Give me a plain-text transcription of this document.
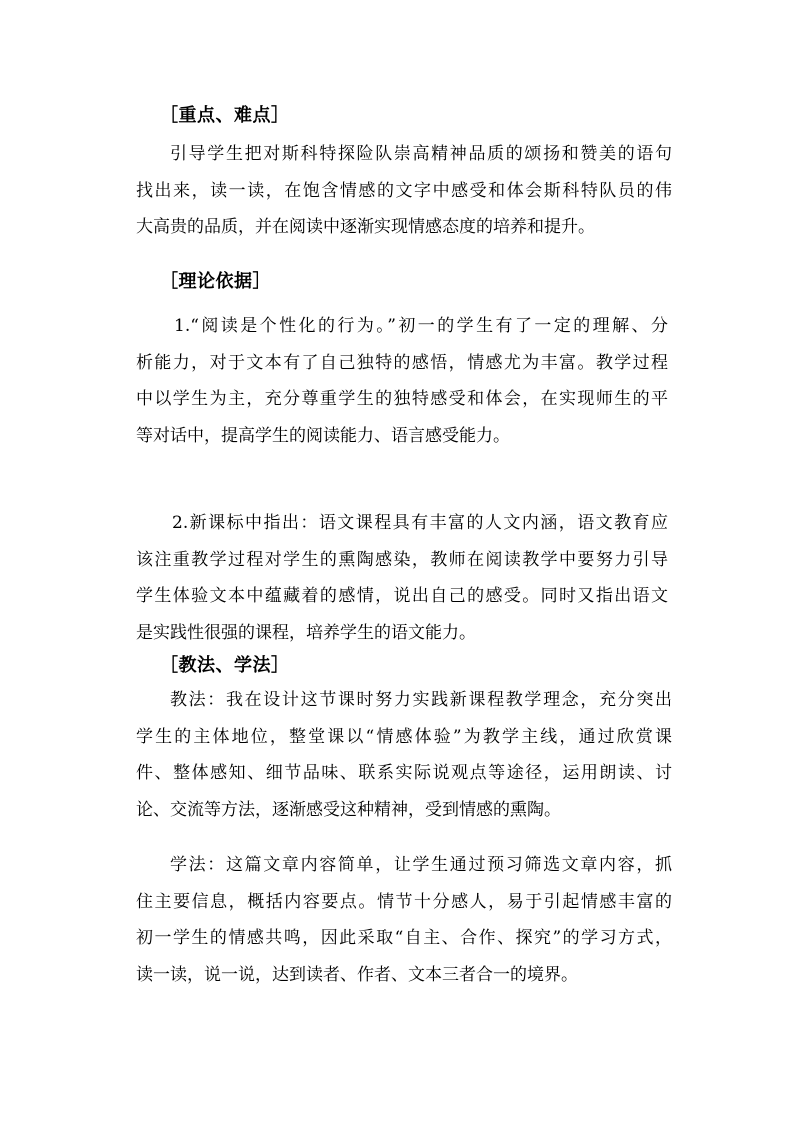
［重点、难点］
引导学生把对斯科特探险队崇高精神品质的颂扬和赞美的语句
找出来，读一读，在饱含情感的文字中感受和体会斯科特队员的伟
大高贵的品质，并在阅读中逐渐实现情感态度的培养和提升。
［理论依据］
1.“阅读是个性化的行为。”初一的学生有了一定的理解、分
析能力，对于文本有了自己独特的感悟，情感尤为丰富。教学过程
中以学生为主，充分尊重学生的独特感受和体会，在实现师生的平
等对话中，提高学生的阅读能力、语言感受能力。
2.新课标中指出：语文课程具有丰富的人文内涵，语文教育应
该注重教学过程对学生的熏陶感染，教师在阅读教学中要努力引导
学生体验文本中蕴藏着的感情，说出自己的感受。同时又指出语文
是实践性很强的课程，培养学生的语文能力。
［教法、学法］
教法：我在设计这节课时努力实践新课程教学理念，充分突出
学生的主体地位，整堂课以“情感体验”为教学主线，通过欣赏课
件、整体感知、细节品味、联系实际说观点等途径，运用朗读、讨
论、交流等方法，逐渐感受这种精神，受到情感的熏陶。
学法：这篇文章内容简单，让学生通过预习筛选文章内容，抓
住主要信息，概括内容要点。情节十分感人，易于引起情感丰富的
初一学生的情感共鸣，因此采取“自主、合作、探究”的学习方式，
读一读，说一说，达到读者、作者、文本三者合一的境界。
